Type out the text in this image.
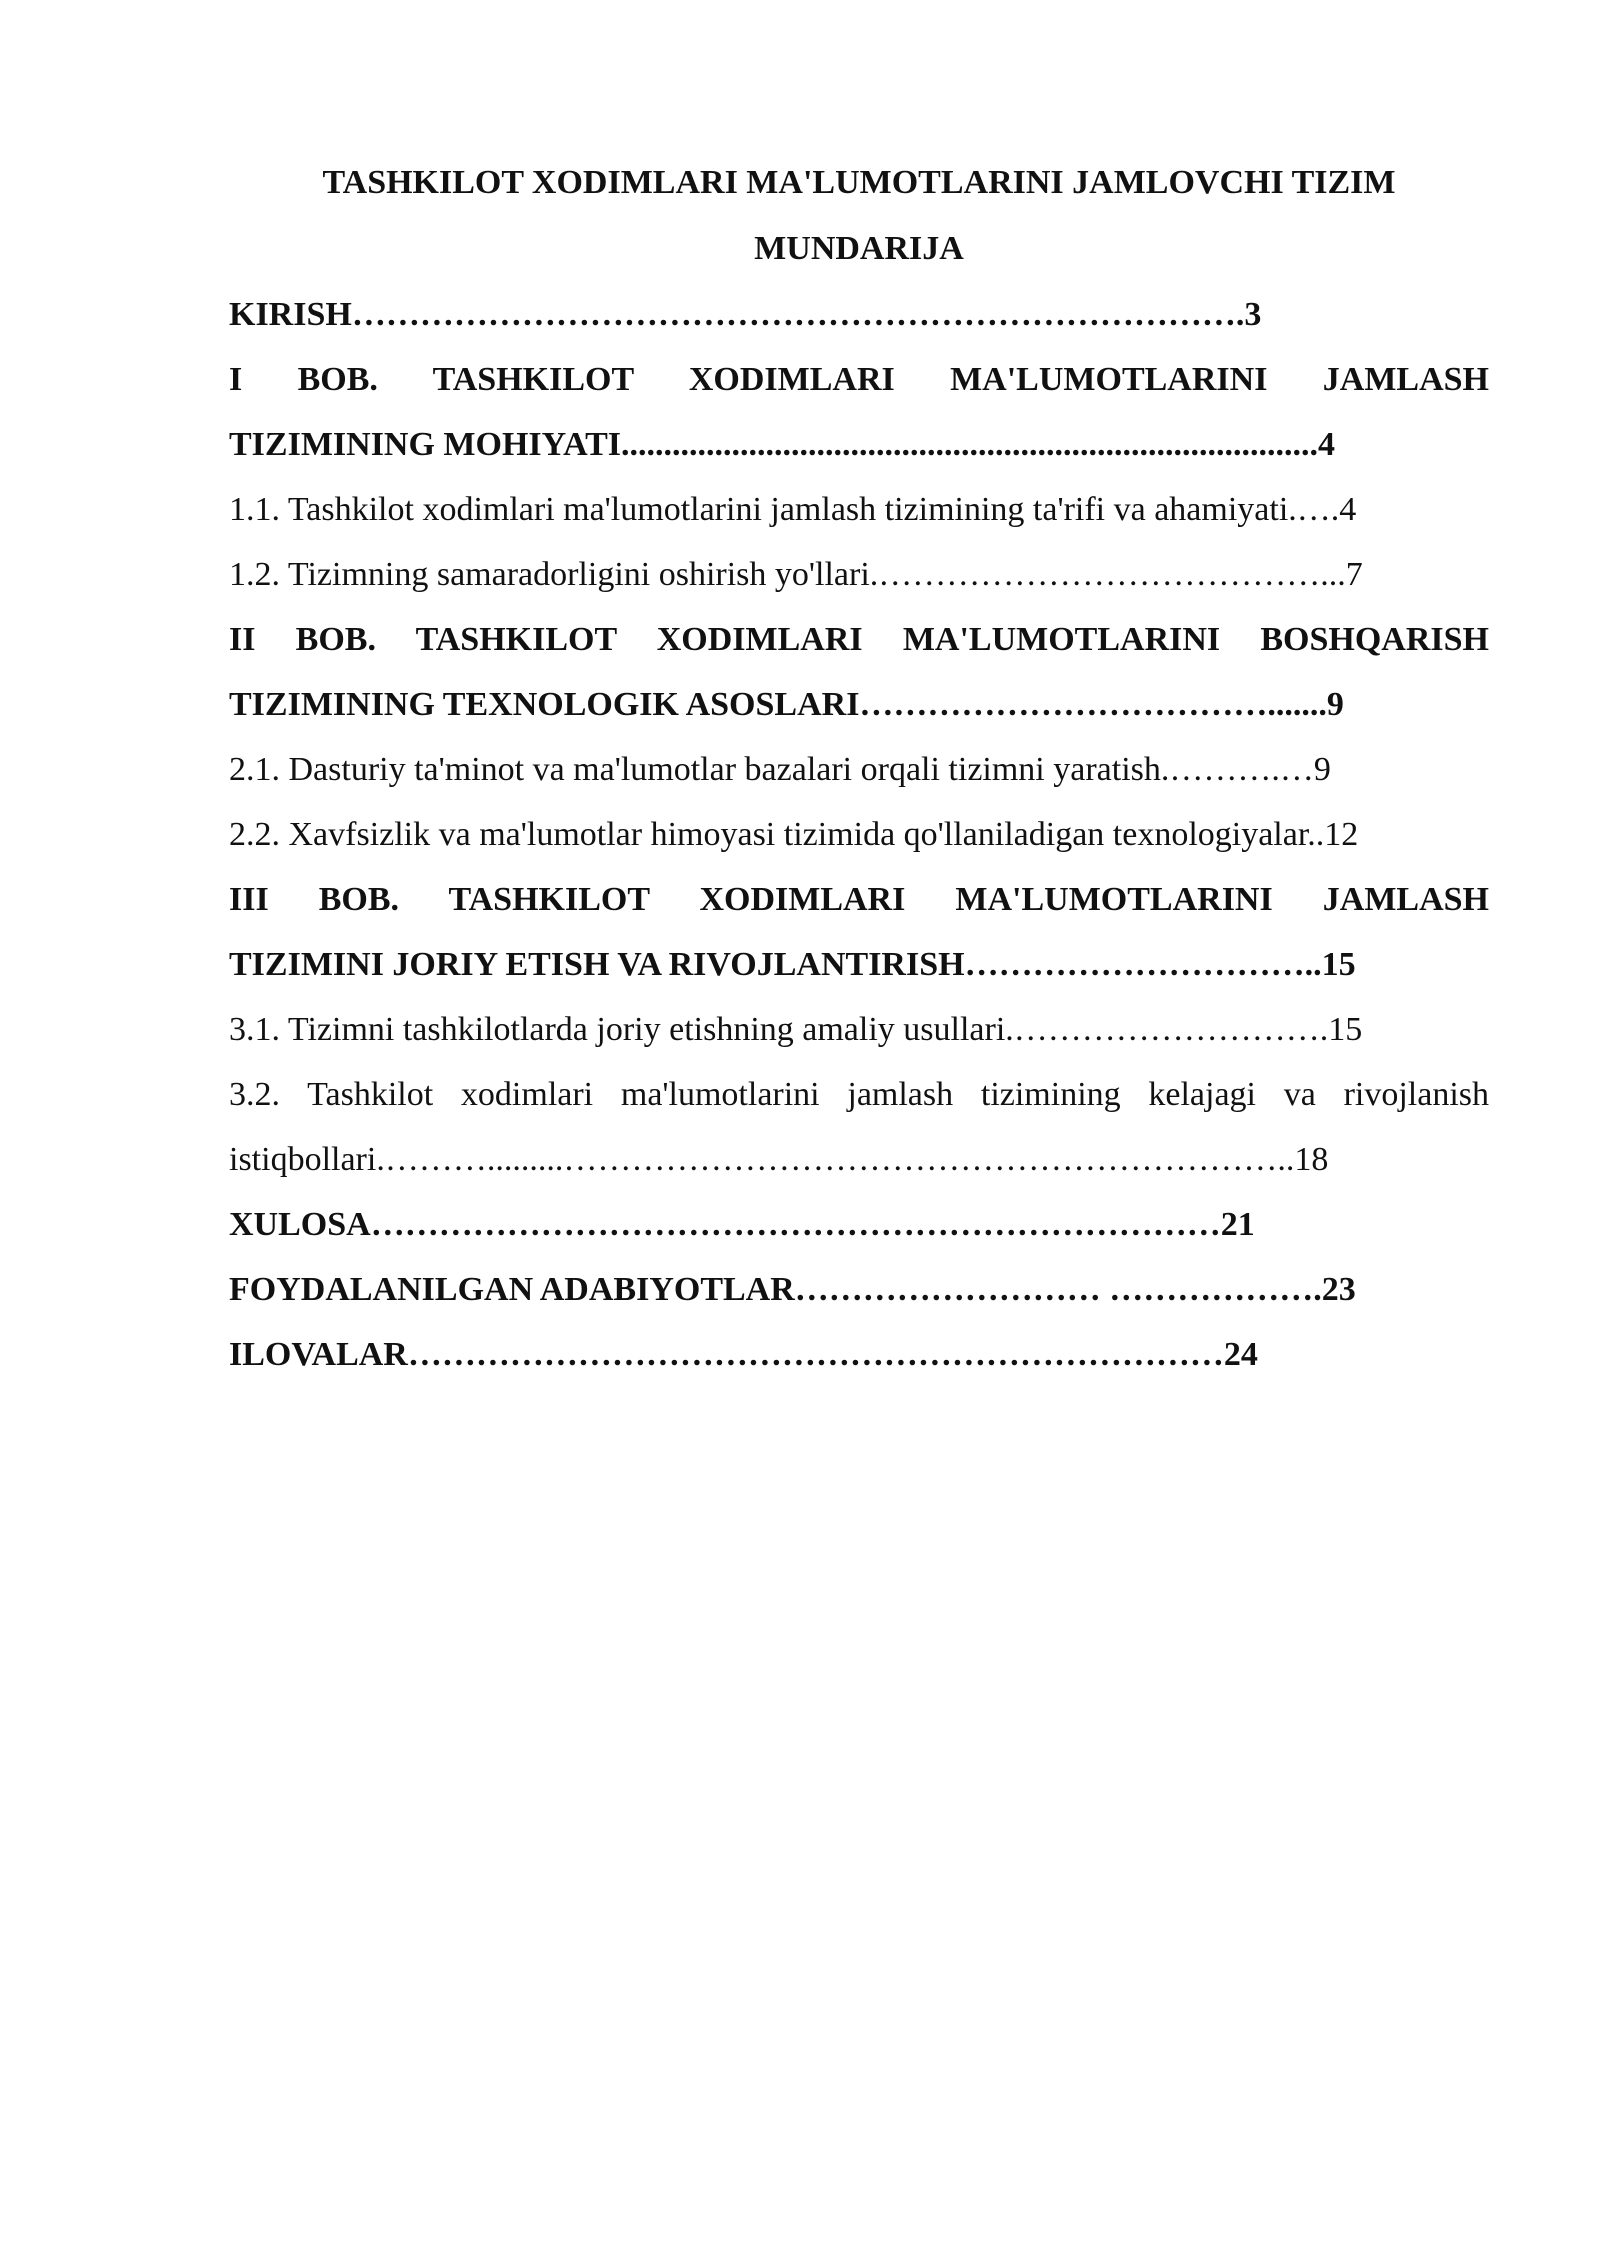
TASHKILOT XODIMLARI MA'LUMOTLARINI JAMLOVCHI TIZIM
MUNDARIJA
KIRISH…………………………………………………………………….3
I BOB. TASHKILOT XODIMLARI MA'LUMOTLARINI JAMLASH
TIZIMINING MOHIYATI..................................................................................4
1.1. Tashkilot xodimlari ma'lumotlarini jamlash tizimining ta'rifi va ahamiyati.….4
1.2. Tizimning samaradorligini oshirish yo'llari.…………………………………...7
II BOB. TASHKILOT XODIMLARI MA'LUMOTLARINI BOSHQARISH
TIZIMINING TEXNOLOGIK ASOSLARI……………………………….......9
2.1. Dasturiy ta'minot va ma'lumotlar bazalari orqali tizimni yaratish.……….…9
2.2. Xavfsizlik va ma'lumotlar himoyasi tizimida qo'llaniladigan texnologiyalar..12
III BOB. TASHKILOT XODIMLARI MA'LUMOTLARINI JAMLASH
TIZIMINI JORIY ETISH VA RIVOJLANTIRISH…………………………..15
3.1. Tizimni tashkilotlarda joriy etishning amaliy usullari.……………………….15
3.2. Tashkilot xodimlari ma'lumotlarini jamlash tizimining kelajagi va rivojlanish
istiqbollari.……….........………………………………………………………..18
XULOSA…………………………………………………………………21
FOYDALANILGAN ADABIYOTLAR……………………… ……………….23
ILOVALAR………………………………………………………………24
